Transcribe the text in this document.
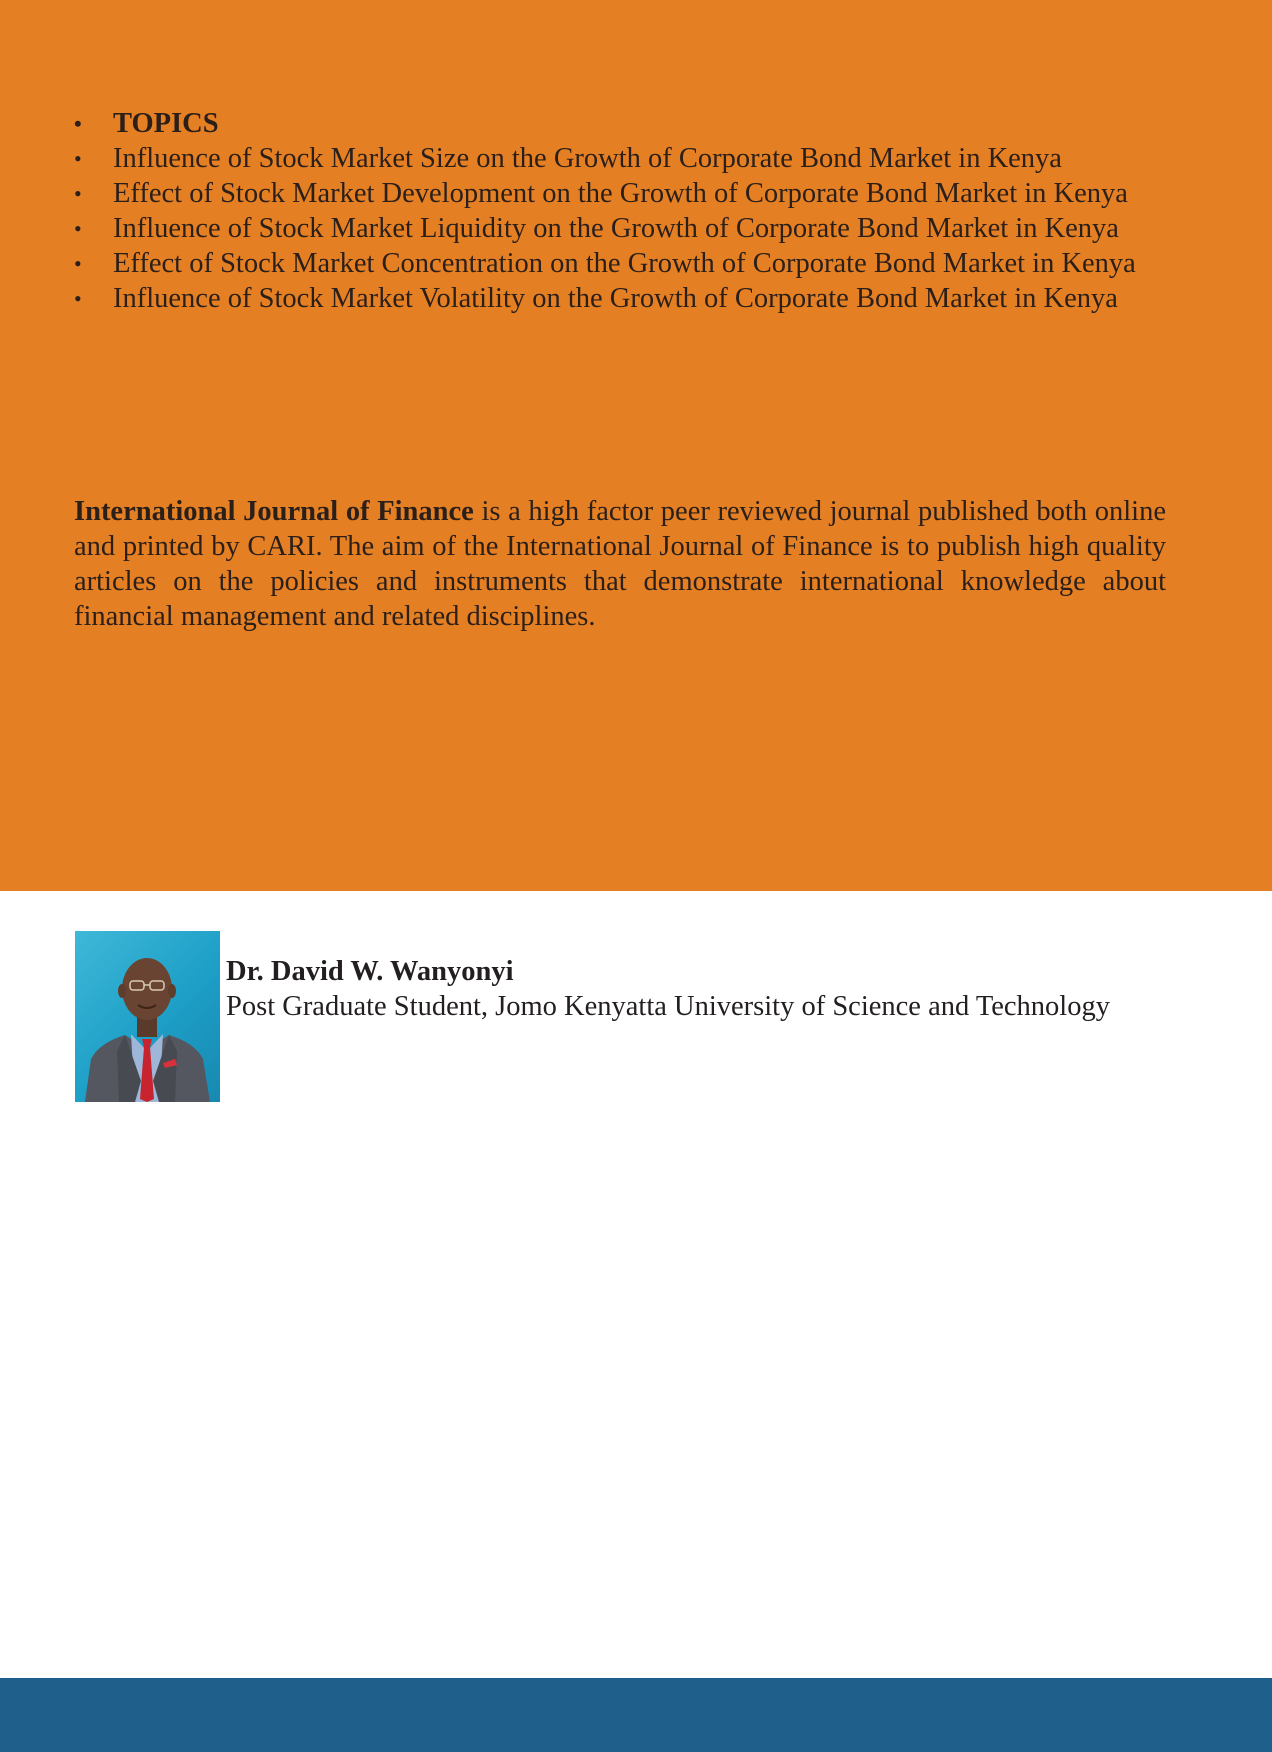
•	TOPICS
•	Influence of Stock Market Size on the Growth of Corporate Bond Market in Kenya
•	Effect of Stock Market Development on the Growth of Corporate Bond Market in Kenya
•	Influence of Stock Market Liquidity on the Growth of Corporate Bond Market in Kenya
•	Effect of Stock Market Concentration on the Growth of Corporate Bond Market in Kenya
•	Influence of Stock Market Volatility on the Growth of Corporate Bond Market in Kenya

International Journal of Finance is a high factor peer reviewed journal published both online and printed by CARI. The aim of the International Journal of Finance is to publish high quality articles on the policies and instruments that demonstrate international knowledge about financial management and related disciplines.

Dr. David W. Wanyonyi

Post Graduate Student, Jomo Kenyatta University of Science and Technology
